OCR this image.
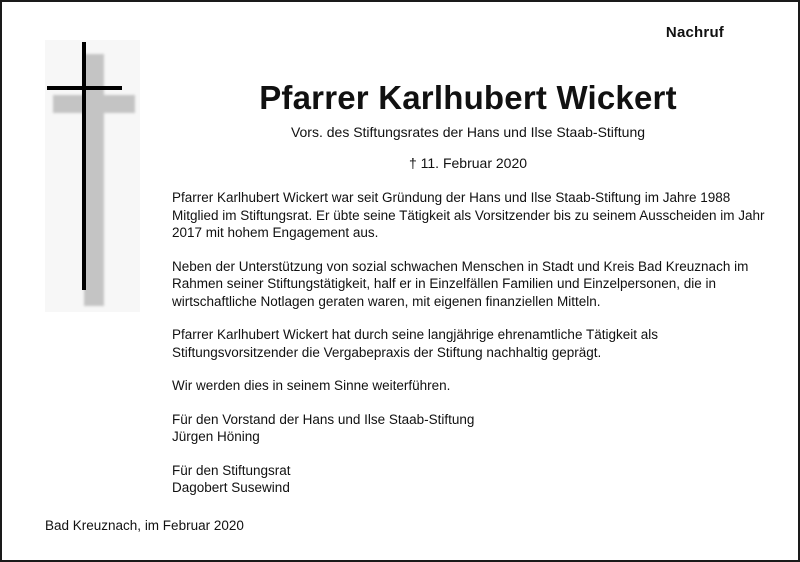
Nachruf
Pfarrer Karlhubert Wickert
Vors. des Stiftungsrates der Hans und Ilse Staab-Stiftung
† 11. Februar 2020

Pfarrer Karlhubert Wickert war seit Gründung der Hans und Ilse Staab-Stiftung im Jahre 1988 Mitglied im Stiftungsrat. Er übte seine Tätigkeit als Vorsitzender bis zu seinem Ausscheiden im Jahr 2017 mit hohem Engagement aus.

Neben der Unterstützung von sozial schwachen Menschen in Stadt und Kreis Bad Kreuznach im Rahmen seiner Stiftungstätigkeit, half er in Einzelfällen Familien und Einzelpersonen, die in wirtschaftliche Notlagen geraten waren, mit eigenen finanziellen Mitteln.

Pfarrer Karlhubert Wickert hat durch seine langjährige ehrenamtliche Tätigkeit als Stiftungsvorsitzender die Vergabepraxis der Stiftung nachhaltig geprägt.

Wir werden dies in seinem Sinne weiterführen.

Für den Vorstand der Hans und Ilse Staab-Stiftung
Jürgen Höning
Für den Stiftungsrat
Dagobert Susewind
Bad Kreuznach, im Februar 2020
